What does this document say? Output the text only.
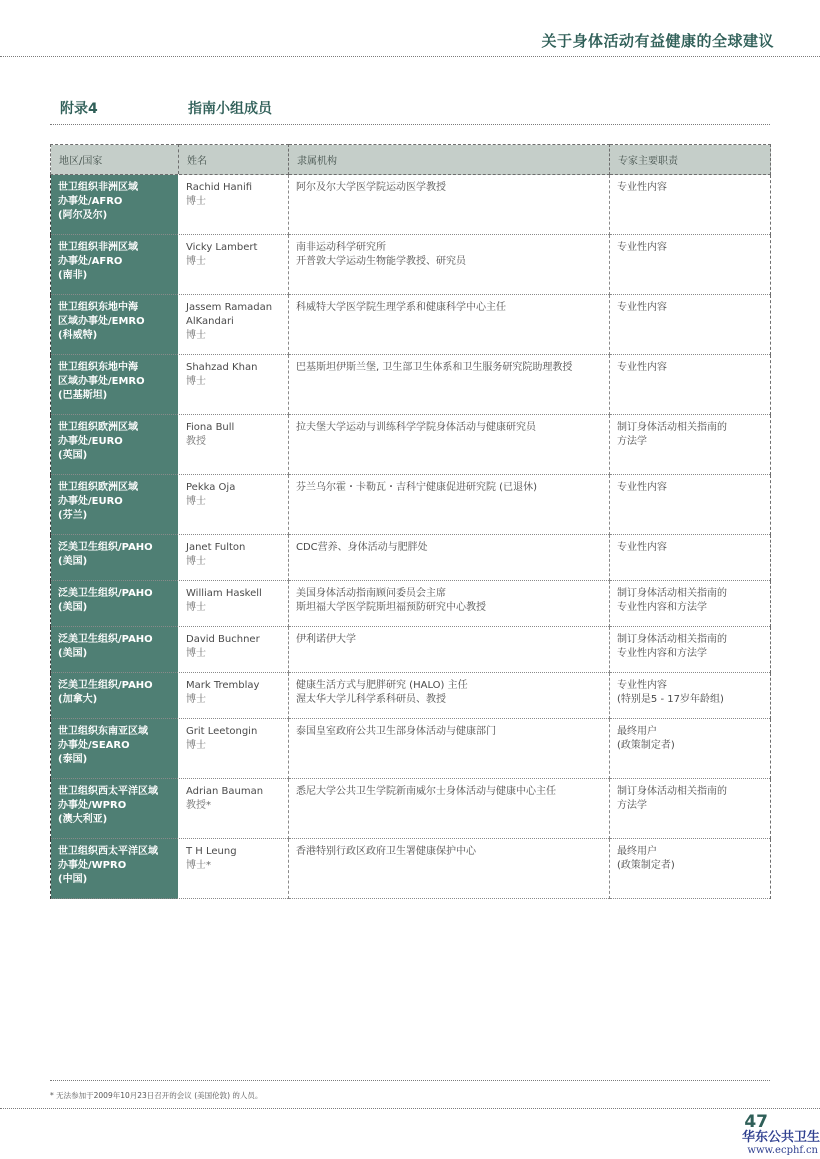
关于身体活动有益健康的全球建议
附录4	指南小组成员
地区/国家	姓名	隶属机构	专家主要职责

世卫组织非洲区域
办事处/AFRO
(阿尔及尔)	Rachid Hanifi
博士	阿尔及尔大学医学院运动医学教授	专业性内容

世卫组织非洲区域
办事处/AFRO
(南非)	Vicky Lambert
博士	南非运动科学研究所
开普敦大学运动生物能学教授、研究员	专业性内容

世卫组织东地中海
区域办事处/EMRO
(科威特)	Jassem Ramadan AlKandari
博士	科威特大学医学院生理学系和健康科学中心主任	专业性内容

世卫组织东地中海
区域办事处/EMRO
(巴基斯坦)	Shahzad Khan
博士	巴基斯坦伊斯兰堡, 卫生部卫生体系和卫生服务研究院助理教授	专业性内容

世卫组织欧洲区域
办事处/EURO
(英国)	Fiona Bull
教授	拉夫堡大学运动与训练科学学院身体活动与健康研究员	制订身体活动相关指南的
方法学

世卫组织欧洲区域
办事处/EURO
(芬兰)	Pekka Oja
博士	芬兰乌尔霍・卡勒瓦・吉科宁健康促进研究院 (已退休)	专业性内容

泛美卫生组织/PAHO
(美国)	Janet Fulton
博士	CDC营养、身体活动与肥胖处	专业性内容

泛美卫生组织/PAHO
(美国)	William Haskell
博士	美国身体活动指南顾问委员会主席
斯坦福大学医学院斯坦福预防研究中心教授	制订身体活动相关指南的
专业性内容和方法学

泛美卫生组织/PAHO
(美国)	David Buchner
博士	伊利诺伊大学	制订身体活动相关指南的
专业性内容和方法学

泛美卫生组织/PAHO
(加拿大)	Mark Tremblay
博士	健康生活方式与肥胖研究 (HALO) 主任
渥太华大学儿科学系科研员、教授	专业性内容
(特别是5 - 17岁年龄组)

世卫组织东南亚区域
办事处/SEARO
(泰国)	Grit Leetongin
博士	泰国皇室政府公共卫生部身体活动与健康部门	最终用户
(政策制定者)

世卫组织西太平洋区域
办事处/WPRO
(澳大利亚)	Adrian Bauman
教授*	悉尼大学公共卫生学院新南威尔士身体活动与健康中心主任	制订身体活动相关指南的
方法学

世卫组织西太平洋区域
办事处/WPRO
(中国)	T H Leung
博士*	香港特别行政区政府卫生署健康保护中心	最终用户
(政策制定者)
* 无法参加于2009年10月23日召开的会议 (美国伦敦) 的人员。
47
华东公共卫生
www.ecphf.cn
